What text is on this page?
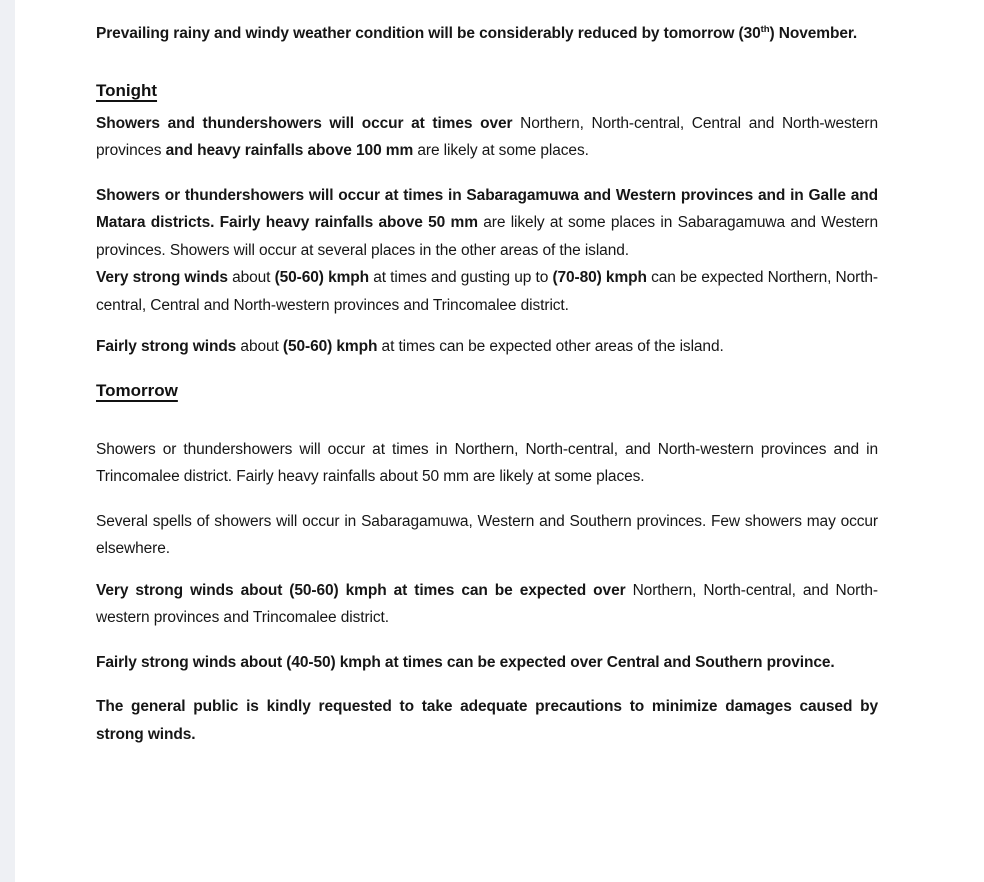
Prevailing rainy and windy weather condition will be considerably reduced by tomorrow (30th) November.

Tonight

Showers and thundershowers will occur at times over Northern, North-central, Central and North-western provinces and heavy rainfalls above 100 mm are likely at some places.

Showers or thundershowers will occur at times in Sabaragamuwa and Western provinces and in Galle and Matara districts. Fairly heavy rainfalls above 50 mm are likely at some places in Sabaragamuwa and Western provinces. Showers will occur at several places in the other areas of the island.

Very strong winds about (50-60) kmph at times and gusting up to (70-80) kmph can be expected Northern, North-central, Central and North-western provinces and Trincomalee district.

Fairly strong winds about (50-60) kmph at times can be expected other areas of the island.

Tomorrow

Showers or thundershowers will occur at times in Northern, North-central, and North-western provinces and in Trincomalee district. Fairly heavy rainfalls about 50 mm are likely at some places.

Several spells of showers will occur in Sabaragamuwa, Western and Southern provinces. Few showers may occur elsewhere.

Very strong winds about (50-60) kmph at times can be expected over Northern, North-central, and North-western provinces and Trincomalee district.

Fairly strong winds about (40-50) kmph at times can be expected over Central and Southern province.

The general public is kindly requested to take adequate precautions to minimize damages caused by strong winds.
